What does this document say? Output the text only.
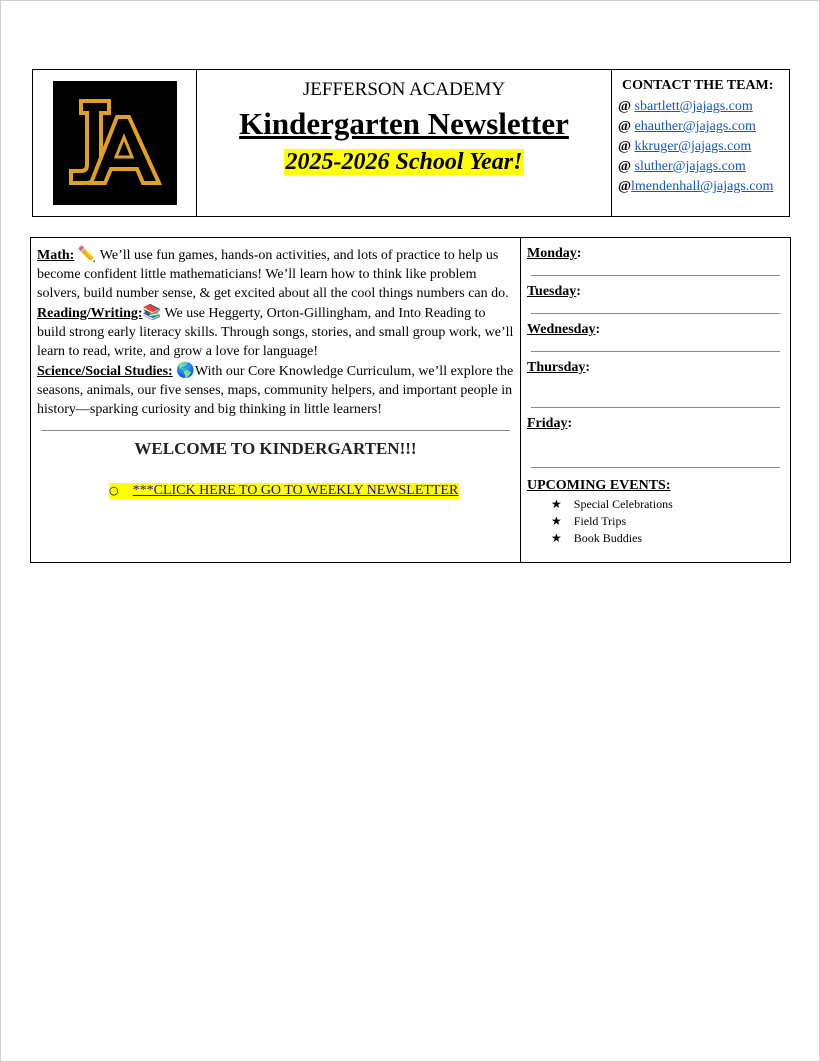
JEFFERSON ACADEMY
Kindergarten Newsletter
2025-2026 School Year!
CONTACT THE TEAM:
@ sbartlett@jajags.com
@ ehauther@jajags.com
@ kkruger@jajags.com
@ sluther@jajags.com
@lmendenhall@jajags.com

Math: ✏️ We’ll use fun games, hands-on activities, and lots of practice to help us become confident little mathematicians! We’ll learn how to think like problem solvers, build number sense, & get excited about all the cool things numbers can do.

Reading/Writing:📚 We use Heggerty, Orton-Gillingham, and Into Reading to build strong early literacy skills. Through songs, stories, and small group work, we’ll learn to read, write, and grow a love for language!

Science/Social Studies: 🌎With our Core Knowledge Curriculum, we’ll explore the seasons, animals, our five senses, maps, community helpers, and important people in history—sparking curiosity and big thinking in little learners!

WELCOME TO KINDERGARTEN!!!
○ ***CLICK HERE TO GO TO WEEKLY NEWSLETTER
Monday:
Tuesday:
Wednesday:
Thursday:
Friday:
UPCOMING EVENTS:
★ Special Celebrations
★ Field Trips
★ Book Buddies
